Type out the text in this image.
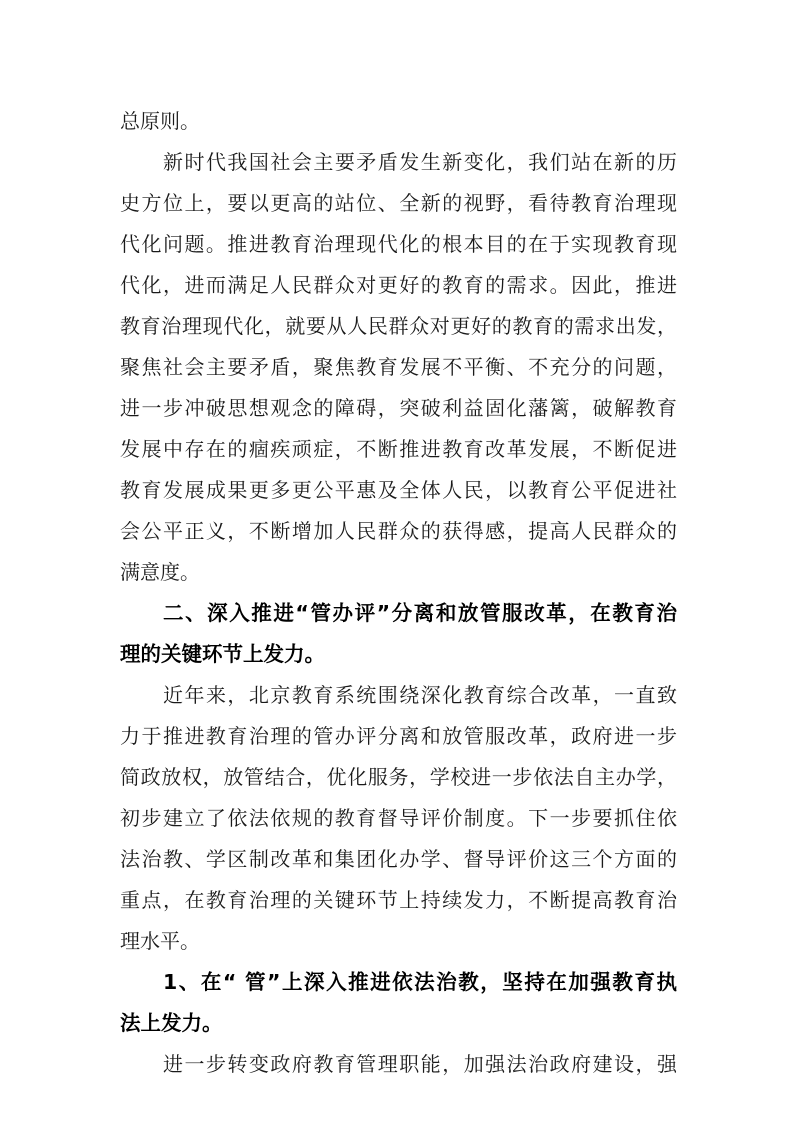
总原则。
新时代我国社会主要矛盾发生新变化，我们站在新的历
史方位上，要以更高的站位、全新的视野，看待教育治理现
代化问题。推进教育治理现代化的根本目的在于实现教育现
代化，进而满足人民群众对更好的教育的需求。因此，推进
教育治理现代化，就要从人民群众对更好的教育的需求出发，
聚焦社会主要矛盾，聚焦教育发展不平衡、不充分的问题，
进一步冲破思想观念的障碍，突破利益固化藩篱，破解教育
发展中存在的痼疾顽症，不断推进教育改革发展，不断促进
教育发展成果更多更公平惠及全体人民，以教育公平促进社
会公平正义，不断增加人民群众的获得感，提高人民群众的
满意度。
二、深入推进“管办评”分离和放管服改革，在教育治
理的关键环节上发力。
近年来，北京教育系统围绕深化教育综合改革，一直致
力于推进教育治理的管办评分离和放管服改革，政府进一步
简政放权，放管结合，优化服务，学校进一步依法自主办学，
初步建立了依法依规的教育督导评价制度。下一步要抓住依
法治教、学区制改革和集团化办学、督导评价这三个方面的
重点，在教育治理的关键环节上持续发力，不断提高教育治
理水平。
1、在“ 管”上深入推进依法治教，坚持在加强教育执
法上发力。
进一步转变政府教育管理职能，加强法治政府建设，强
